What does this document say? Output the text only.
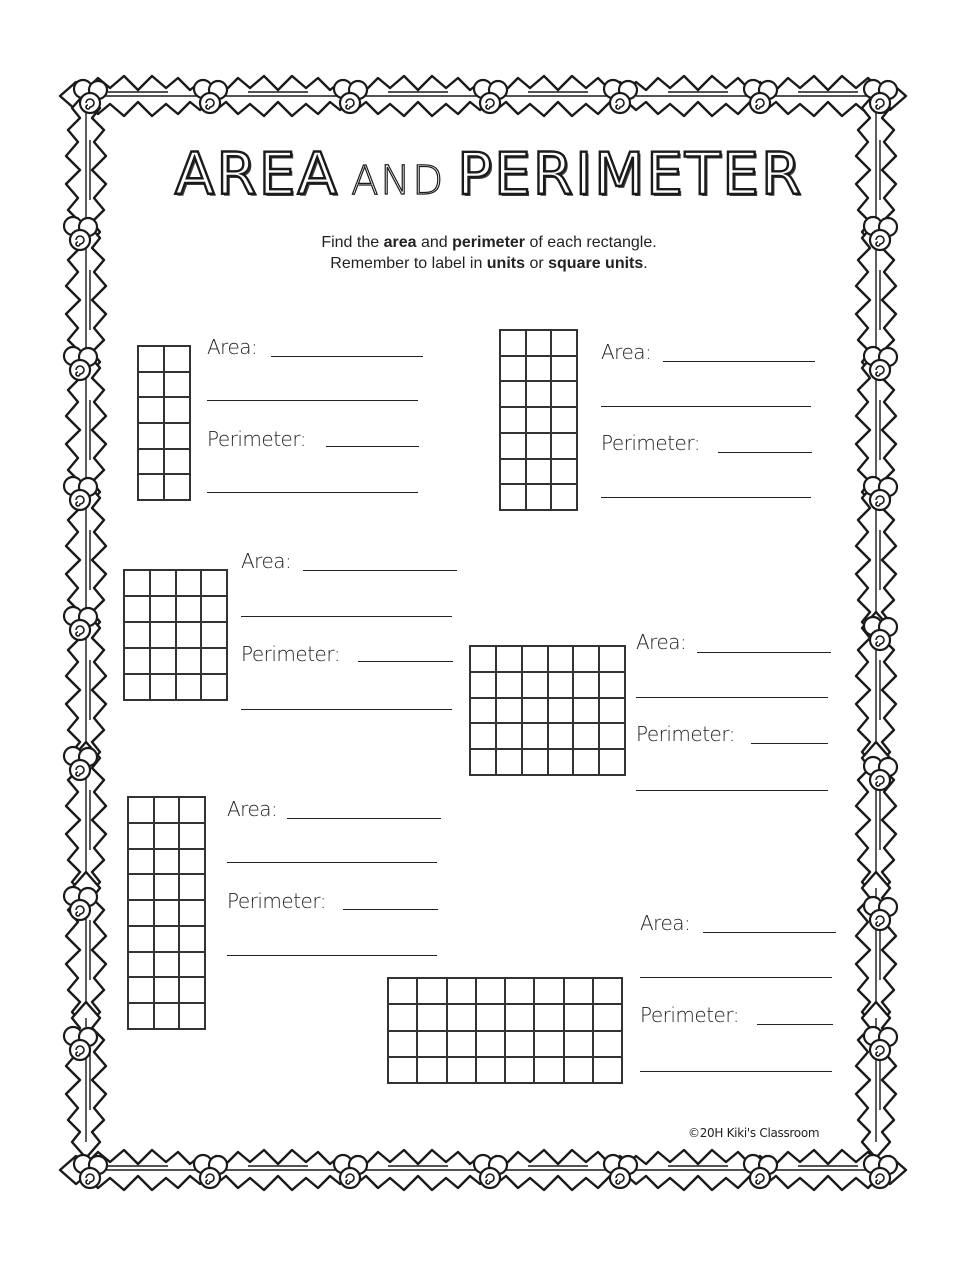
AREA AND PERIMETER
Find the area and perimeter of each rectangle.
Remember to label in units or square units.
Area:
Perimeter:
Area:
Perimeter:
Area:
Perimeter:	Area:
Perimeter:
Area:
Perimeter:
Area:
Perimeter:
©20H Kiki's Classroom
